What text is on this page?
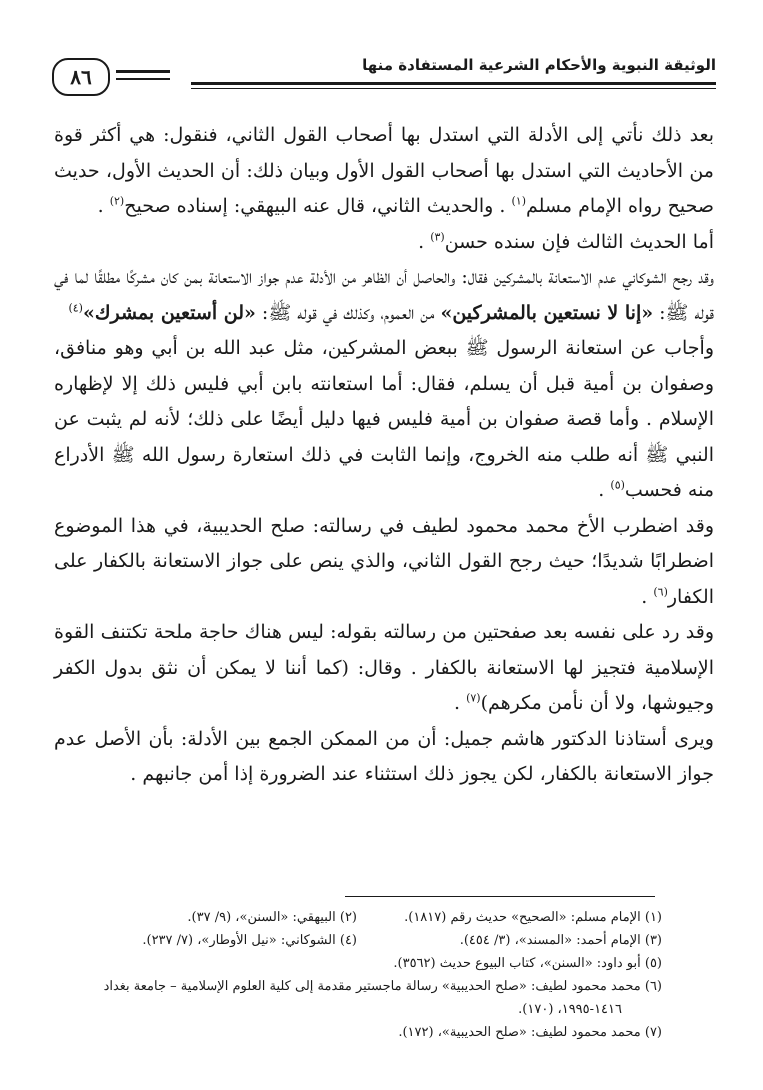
٨٦	الوثيقة النبوية والأحكام الشرعية المستفادة منها

بعد ذلك نأتي إلى الأدلة التي استدل بها أصحاب القول الثاني، فنقول: هي أكثر قوة من الأحاديث التي استدل بها أصحاب القول الأول وبيان ذلك: أن الحديث الأول، حديث صحيح رواه الإمام مسلم$^{(١)}$ . والحديث الثاني، قال عنه البيهقي: إسناده صحيح$^{(٢)}$ .

أما الحديث الثالث فإن سنده حسن$^{(٣)}$ .

وقد رجح الشوكاني عدم الاستعانة بالمشركين فقال: والحاصل أن الظاهر من الأدلة عدم جواز الاستعانة بمن كان مشركًا مطلقًا لما في قوله ﷺ: «إنا لا نستعين بالمشركين» من العموم، وكذلك في قوله ﷺ: «لن أستعين بمشرك»$^{(٤)}$

وأجاب عن استعانة الرسول ﷺ ببعض المشركين، مثل عبد الله بن أبي وهو منافق، وصفوان بن أمية قبل أن يسلم، فقال: أما استعانته بابن أبي فليس ذلك إلا لإظهاره الإسلام . وأما قصة صفوان بن أمية فليس فيها دليل أيضًا على ذلك؛ لأنه لم يثبت عن النبي ﷺ أنه طلب منه الخروج، وإنما الثابت في ذلك استعارة رسول الله ﷺ الأدراع منه فحسب$^{(٥)}$ .

وقد اضطرب الأخ محمد محمود لطيف في رسالته: صلح الحديبية، في هذا الموضوع اضطرابًا شديدًا؛ حيث رجح القول الثاني، والذي ينص على جواز الاستعانة بالكفار على الكفار$^{(٦)}$ .

وقد رد على نفسه بعد صفحتين من رسالته بقوله: ليس هناك حاجة ملحة تكتنف القوة الإسلامية فتجيز لها الاستعانة بالكفار . وقال: (كما أننا لا يمكن أن نثق بدول الكفر وجيوشها، ولا أن نأمن مكرهم)$^{(٧)}$ .

ويرى أستاذنا الدكتور هاشم جميل: أن من الممكن الجمع بين الأدلة: بأن الأصل عدم جواز الاستعانة بالكفار، لكن يجوز ذلك استثناء عند الضرورة إذا أمن جانبهم .

(١) الإمام مسلم: «الصحيح» حديث رقم (١٨١٧).
(٢) البيهقي: «السنن»، (٩/ ٣٧).
(٣) الإمام أحمد: «المسند»، (٣/ ٤٥٤).
(٤) الشوكاني: «نيل الأوطار»، (٧/ ٢٣٧).
(٥) أبو داود: «السنن»، كتاب البيوع حديث (٣٥٦٢).
(٦) محمد محمود لطيف: «صلح الحديبية» رسالة ماجستير مقدمة إلى كلية العلوم الإسلامية – جامعة بغداد
١٤١٦-١٩٩٥، (١٧٠).
(٧) محمد محمود لطيف: «صلح الحديبية»، (١٧٢).
